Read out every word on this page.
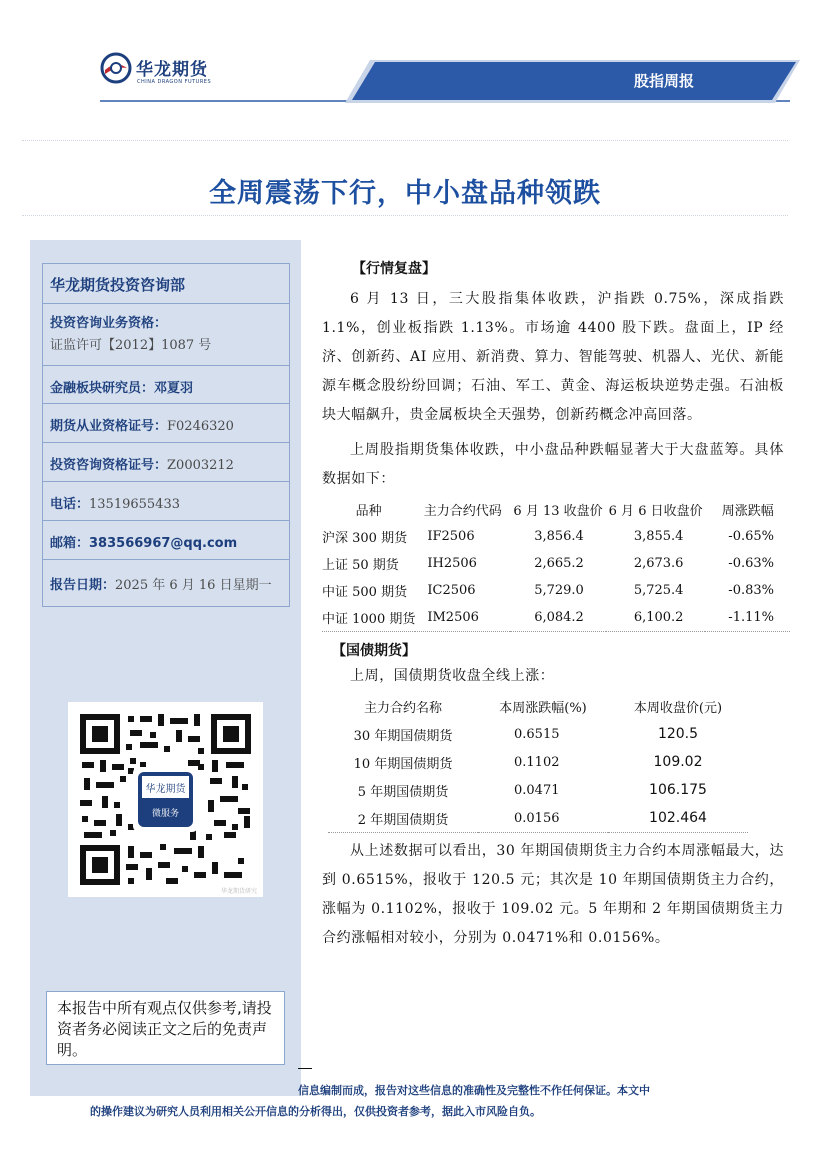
华龙期货
CHINA DRAGON FUTURES	股指周报
全周震荡下行，中小盘品种领跌
华龙期货投资咨询部
投资咨询业务资格：
证监许可【2012】1087 号
金融板块研究员：邓夏羽
期货从业资格证号：F0246320
投资咨询资格证号：Z0003212
电话：13519655433
邮箱：383566967@qq.com
报告日期：2025 年 6 月 16 日星期一
华龙期货
微服务
华龙期货研究
本报告中所有观点仅供参考,请投资者务必阅读正文之后的免责声明。
【行情复盘】

6 月 13 日，三大股指集体收跌，沪指跌 0.75%，深成指跌 1.1%，创业板指跌 1.13%。市场逾 4400 股下跌。盘面上，IP 经济、创新药、AI 应用、新消费、算力、智能驾驶、机器人、光伏、新能源车概念股纷纷回调；石油、军工、黄金、海运板块逆势走强。石油板块大幅飙升，贵金属板块全天强势，创新药概念冲高回落。

上周股指期货集体收跌，中小盘品种跌幅显著大于大盘蓝筹。具体数据如下：

品种	主力合约代码	6 月 13 收盘价	6 月 6 日收盘价	周涨跌幅
沪深 300 期货	IF2506	3,856.4	3,855.4	-0.65%
上证 50 期货	IH2506	2,665.2	2,673.6	-0.63%
中证 500 期货	IC2506	5,729.0	5,725.4	-0.83%
中证 1000 期货	IM2506	6,084.2	6,100.2	-1.11%
【国债期货】

上周，国债期货收盘全线上涨：

主力合约名称	本周涨跌幅(%)	本周收盘价(元)
30 年期国债期货	0.6515	120.5
10 年期国债期货	0.1102	109.02
5 年期国债期货	0.0471	106.175
2 年期国债期货	0.0156	102.464

从上述数据可以看出，30 年期国债期货主力合约本周涨幅最大，达到 0.6515%，报收于 120.5 元；其次是 10 年期国债期货主力合约，涨幅为 0.1102%，报收于 109.02 元。5 年期和 2 年期国债期货主力合约涨幅相对较小，分别为 0.0471%和 0.0156%。

信息编制而成，报告对这些信息的准确性及完整性不作任何保证。本文中
的操作建议为研究人员利用相关公开信息的分析得出，仅供投资者参考，据此入市风险自负。
